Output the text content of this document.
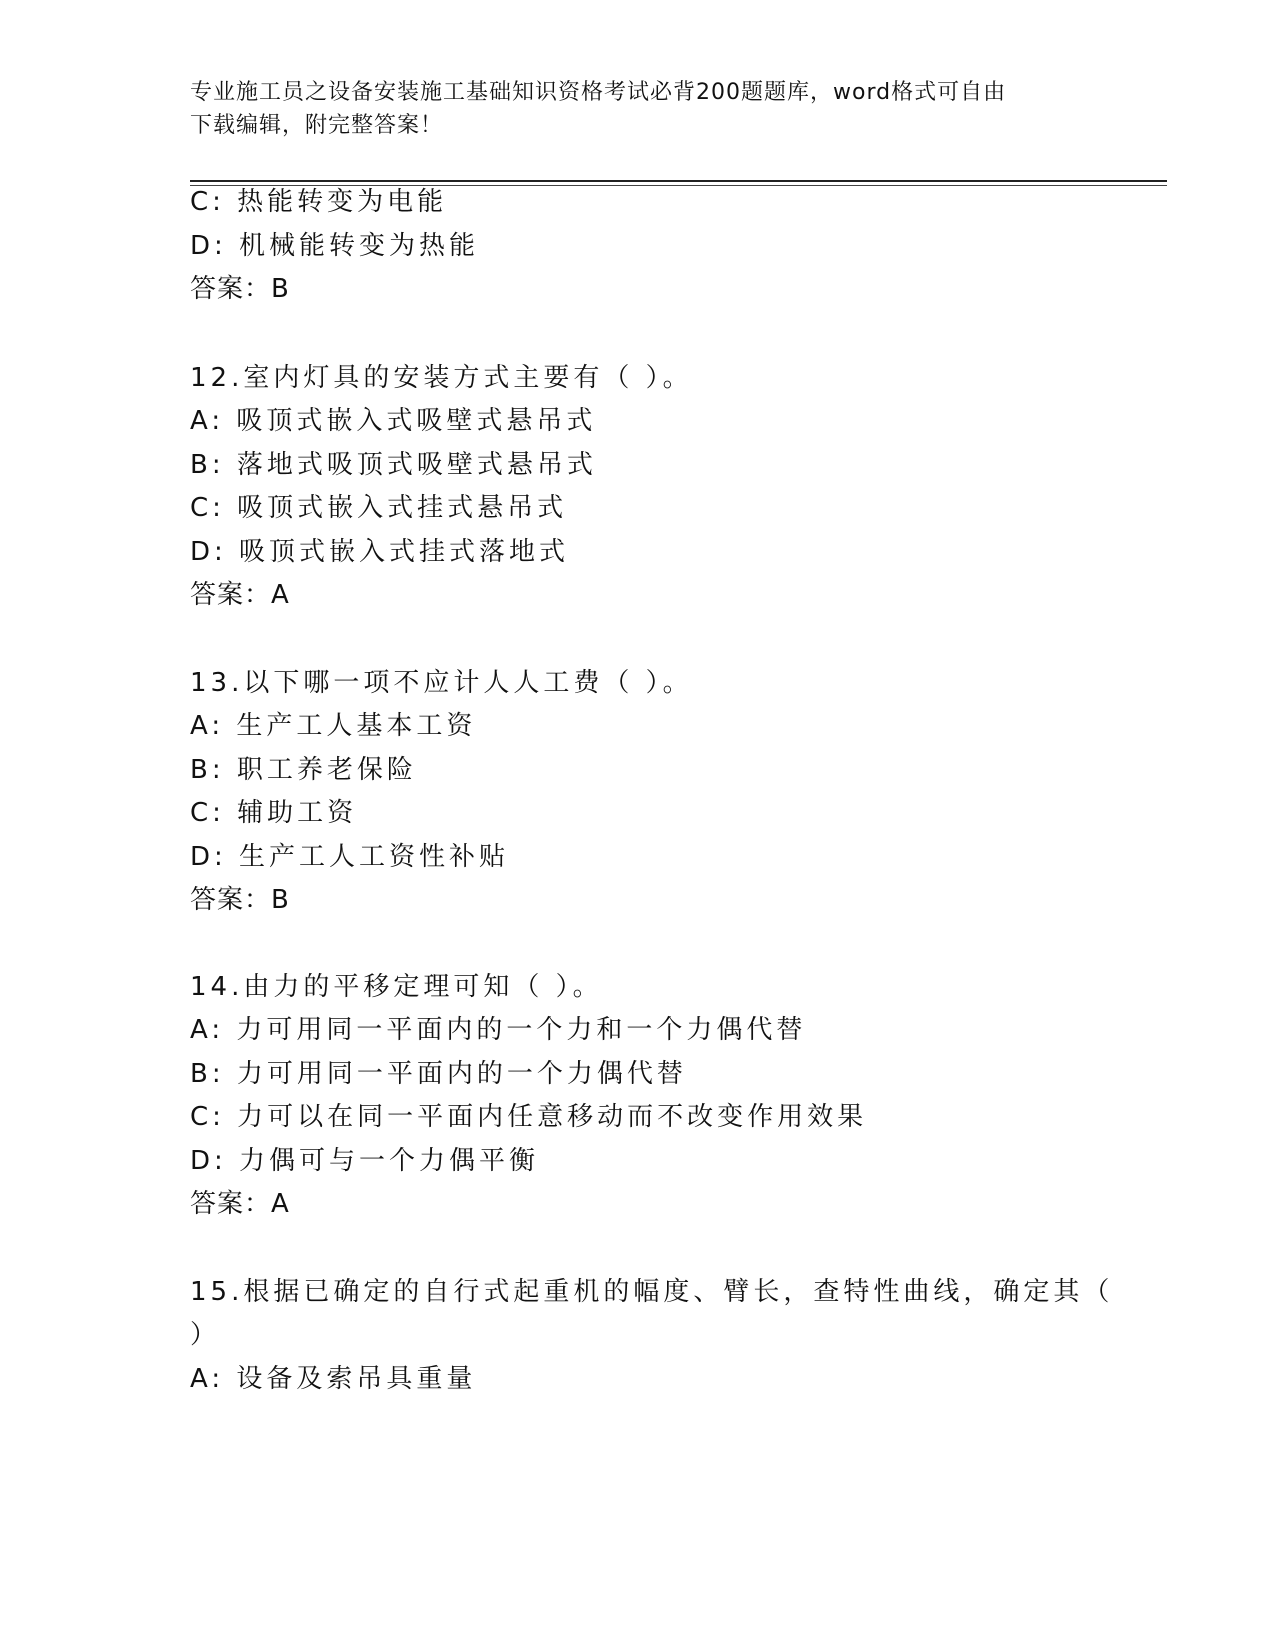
专业施工员之设备安装施工基础知识资格考试必背200题题库，word格式可自由
下载编辑，附完整答案！
C: 热能转变为电能
D: 机械能转变为热能
答案：B
12.室内灯具的安装方式主要有（ ）。
A: 吸顶式嵌入式吸壁式悬吊式
B: 落地式吸顶式吸壁式悬吊式
C: 吸顶式嵌入式挂式悬吊式
D: 吸顶式嵌入式挂式落地式
答案：A
13.以下哪一项不应计人人工费（ ）。
A: 生产工人基本工资
B: 职工养老保险
C: 辅助工资
D: 生产工人工资性补贴
答案：B
14.由力的平移定理可知（ ）。
A: 力可用同一平面内的一个力和一个力偶代替
B: 力可用同一平面内的一个力偶代替
C: 力可以在同一平面内任意移动而不改变作用效果
D: 力偶可与一个力偶平衡
答案：A
15.根据已确定的自行式起重机的幅度、臂长，查特性曲线，确定其（
）
A: 设备及索吊具重量
